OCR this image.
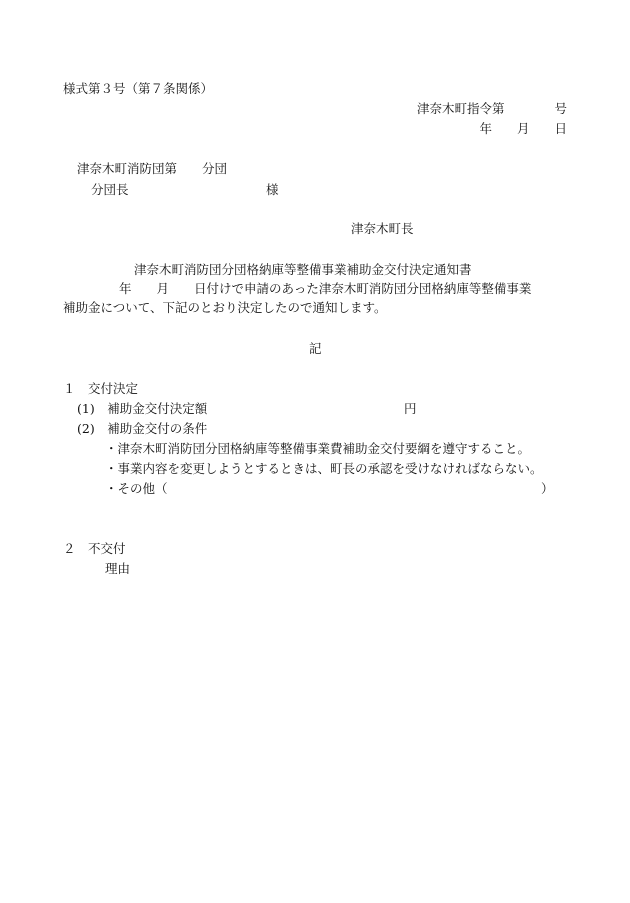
様式第３号（第７条関係）
津奈木町指令第　　　　号
年　　月　　日
津奈木町消防団第　　分団
分団長　　　　　　　　　　　様
津奈木町長
津奈木町消防団分団格納庫等整備事業補助金交付決定通知書
年　　月　　日付けで申請のあった津奈木町消防団分団格納庫等整備事業
補助金について、下記のとおり決定したので通知します。
記
１　交付決定
(1)　補助金交付決定額	円
(2)　補助金交付の条件
・津奈木町消防団分団格納庫等整備事業費補助金交付要綱を遵守すること。
・事業内容を変更しようとするときは、町長の承認を受けなければならない。
・その他（	）
２　不交付
理由
